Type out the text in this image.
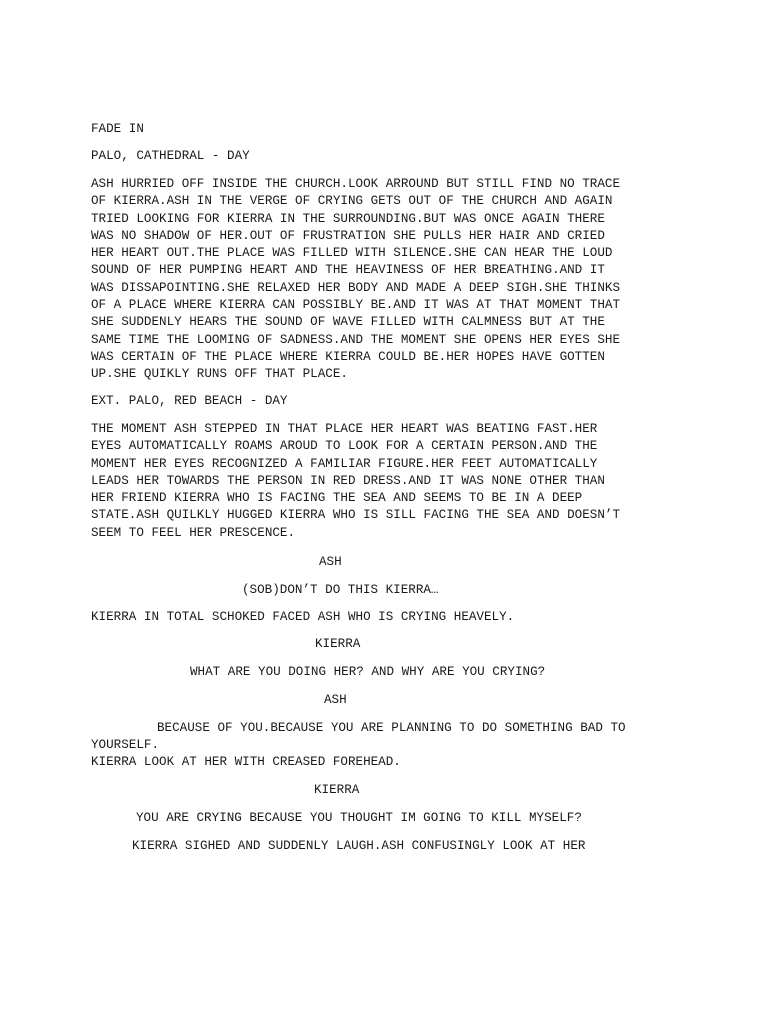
FADE IN
PALO, CATHEDRAL - DAY
ASH HURRIED OFF INSIDE THE CHURCH.LOOK ARROUND BUT STILL FIND NO TRACE
OF KIERRA.ASH IN THE VERGE OF CRYING GETS OUT OF THE CHURCH AND AGAIN
TRIED LOOKING FOR KIERRA IN THE SURROUNDING.BUT WAS ONCE AGAIN THERE
WAS NO SHADOW OF HER.OUT OF FRUSTRATION SHE PULLS HER HAIR AND CRIED
HER HEART OUT.THE PLACE WAS FILLED WITH SILENCE.SHE CAN HEAR THE LOUD
SOUND OF HER PUMPING HEART AND THE HEAVINESS OF HER BREATHING.AND IT
WAS DISSAPOINTING.SHE RELAXED HER BODY AND MADE A DEEP SIGH.SHE THINKS
OF A PLACE WHERE KIERRA CAN POSSIBLY BE.AND IT WAS AT THAT MOMENT THAT
SHE SUDDENLY HEARS THE SOUND OF WAVE FILLED WITH CALMNESS BUT AT THE
SAME TIME THE LOOMING OF SADNESS.AND THE MOMENT SHE OPENS HER EYES SHE
WAS CERTAIN OF THE PLACE WHERE KIERRA COULD BE.HER HOPES HAVE GOTTEN
UP.SHE QUIKLY RUNS OFF THAT PLACE.
EXT. PALO, RED BEACH - DAY
THE MOMENT ASH STEPPED IN THAT PLACE HER HEART WAS BEATING FAST.HER
EYES AUTOMATICALLY ROAMS AROUD TO LOOK FOR A CERTAIN PERSON.AND THE
MOMENT HER EYES RECOGNIZED A FAMILIAR FIGURE.HER FEET AUTOMATICALLY
LEADS HER TOWARDS THE PERSON IN RED DRESS.AND IT WAS NONE OTHER THAN
HER FRIEND KIERRA WHO IS FACING THE SEA AND SEEMS TO BE IN A DEEP
STATE.ASH QUILKLY HUGGED KIERRA WHO IS SILL FACING THE SEA AND DOESN’T
SEEM TO FEEL HER PRESCENCE.
ASH
(SOB)DON’T DO THIS KIERRA…
KIERRA IN TOTAL SCHOKED FACED ASH WHO IS CRYING HEAVELY.
KIERRA
WHAT ARE YOU DOING HER? AND WHY ARE YOU CRYING?
ASH
BECAUSE OF YOU.BECAUSE YOU ARE PLANNING TO DO SOMETHING BAD TO
YOURSELF.
KIERRA LOOK AT HER WITH CREASED FOREHEAD.
KIERRA
YOU ARE CRYING BECAUSE YOU THOUGHT IM GOING TO KILL MYSELF?
KIERRA SIGHED AND SUDDENLY LAUGH.ASH CONFUSINGLY LOOK AT HER
